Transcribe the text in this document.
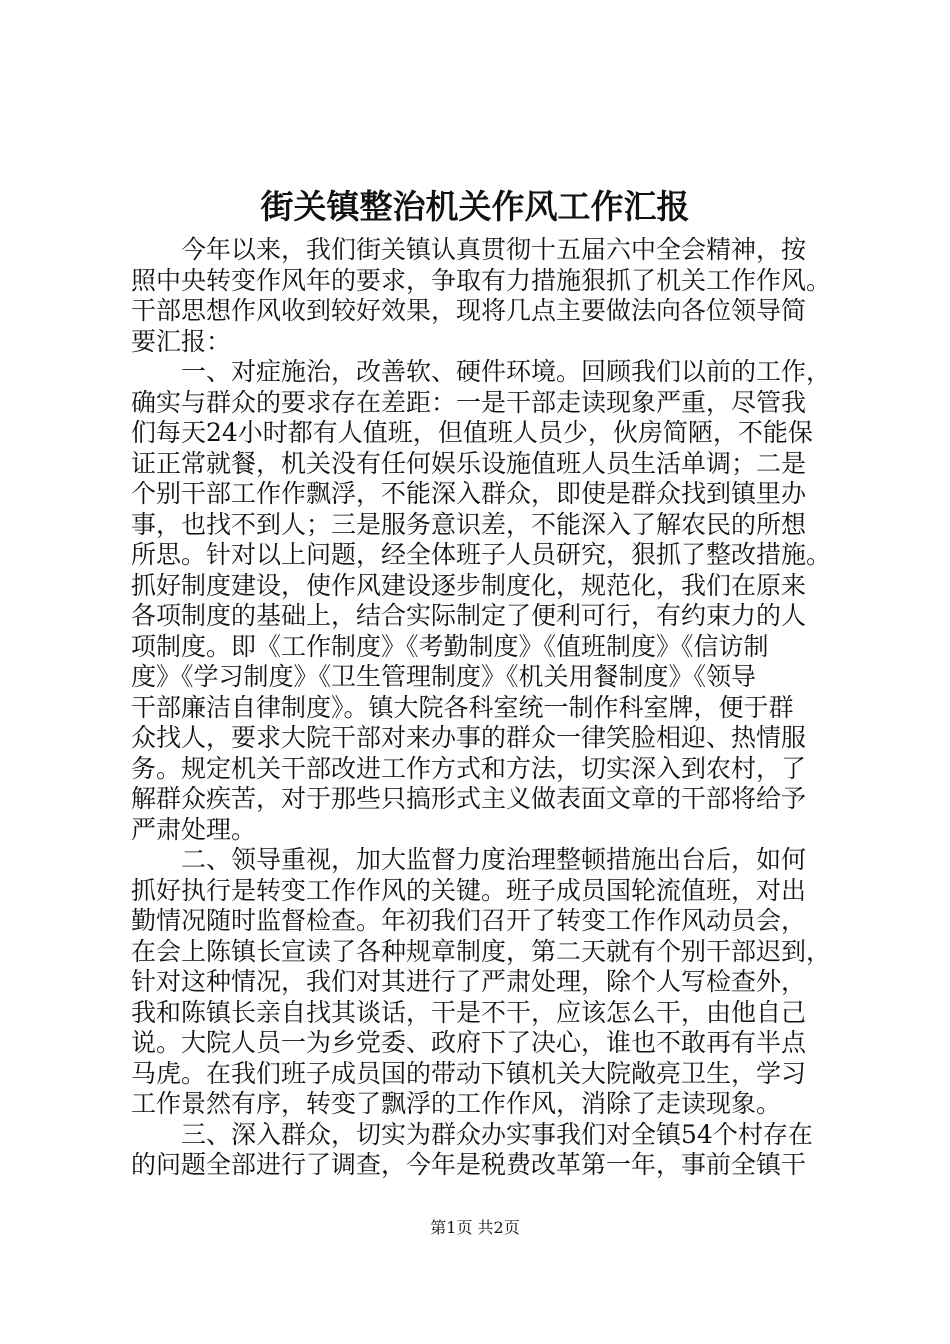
街关镇整治机关作风工作汇报
今年以来，我们街关镇认真贯彻十五届六中全会精神，按
照中央转变作风年的要求，争取有力措施狠抓了机关工作作风。
干部思想作风收到较好效果，现将几点主要做法向各位领导简
要汇报：
一、对症施治，改善软、硬件环境。回顾我们以前的工作，
确实与群众的要求存在差距：一是干部走读现象严重，尽管我
们每天24小时都有人值班，但值班人员少，伙房简陋，不能保
证正常就餐，机关没有任何娱乐设施值班人员生活单调；二是
个别干部工作作飘浮，不能深入群众，即使是群众找到镇里办
事，也找不到人；三是服务意识差，不能深入了解农民的所想
所思。针对以上问题，经全体班子人员研究，狠抓了整改措施。
抓好制度建设，使作风建设逐步制度化，规范化，我们在原来
各项制度的基础上，结合实际制定了便利可行，有约束力的人
项制度。即《工作制度》《考勤制度》《值班制度》《信访制
度》《学习制度》《卫生管理制度》《机关用餐制度》《领导
干部廉洁自律制度》。镇大院各科室统一制作科室牌，便于群
众找人，要求大院干部对来办事的群众一律笑脸相迎、热情服
务。规定机关干部改进工作方式和方法，切实深入到农村，了
解群众疾苦，对于那些只搞形式主义做表面文章的干部将给予
严肃处理。
二、领导重视，加大监督力度治理整顿措施出台后，如何
抓好执行是转变工作作风的关键。班子成员国轮流值班，对出
勤情况随时监督检查。年初我们召开了转变工作作风动员会，
在会上陈镇长宣读了各种规章制度，第二天就有个别干部迟到，
针对这种情况，我们对其进行了严肃处理，除个人写检查外，
我和陈镇长亲自找其谈话，干是不干，应该怎么干，由他自己
说。大院人员一为乡党委、政府下了决心，谁也不敢再有半点
马虎。在我们班子成员国的带动下镇机关大院敞亮卫生，学习
工作景然有序，转变了飘浮的工作作风，消除了走读现象。
三、深入群众，切实为群众办实事我们对全镇54个村存在
的问题全部进行了调查，今年是税费改革第一年，事前全镇干
第1页 共2页
